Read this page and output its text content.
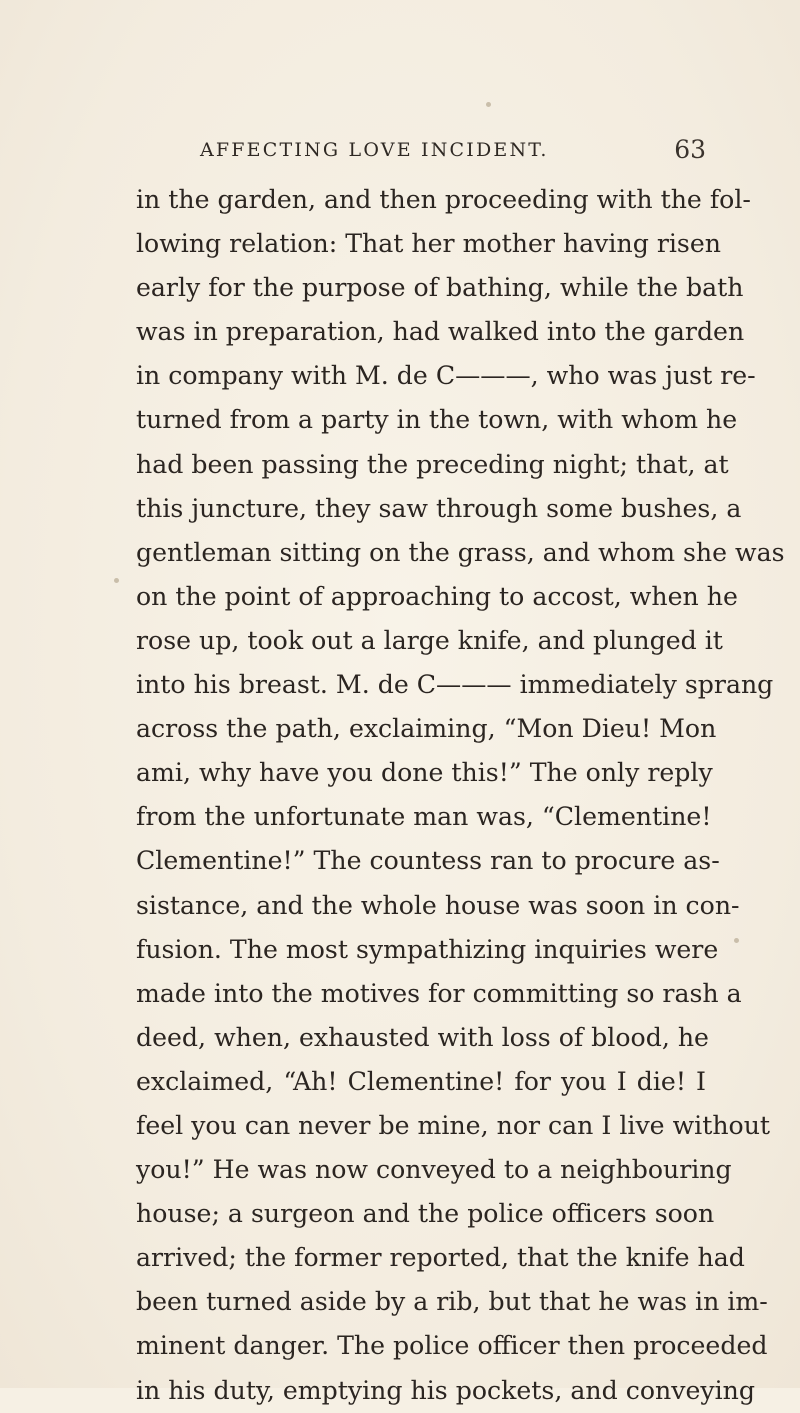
AFFECTING LOVE INCIDENT.	63
in the garden, and then proceeding with the fol-
lowing relation: That her mother having risen
early for the purpose of bathing, while the bath
was in preparation, had walked into the garden
in company with M. de C———, who was just re-
turned from a party in the town, with whom he
had been passing the preceding night; that, at
this juncture, they saw through some bushes, a
gentleman sitting on the grass, and whom she was
on the point of approaching to accost, when he
rose up, took out a large knife, and plunged it
into his breast. M. de C——— immediately sprang
across the path, exclaiming, “Mon Dieu! Mon
ami, why have you done this!” The only reply
from the unfortunate man was, “Clementine!
Clementine!” The countess ran to procure as-
sistance, and the whole house was soon in con-
fusion. The most sympathizing inquiries were
made into the motives for committing so rash a
deed, when, exhausted with loss of blood, he
exclaimed, “Ah! Clementine! for you I die! I
feel you can never be mine, nor can I live without
you!” He was now conveyed to a neighbouring
house; a surgeon and the police officers soon
arrived; the former reported, that the knife had
been turned aside by a rib, but that he was in im-
minent danger. The police officer then proceeded
in his duty, emptying his pockets, and conveying
